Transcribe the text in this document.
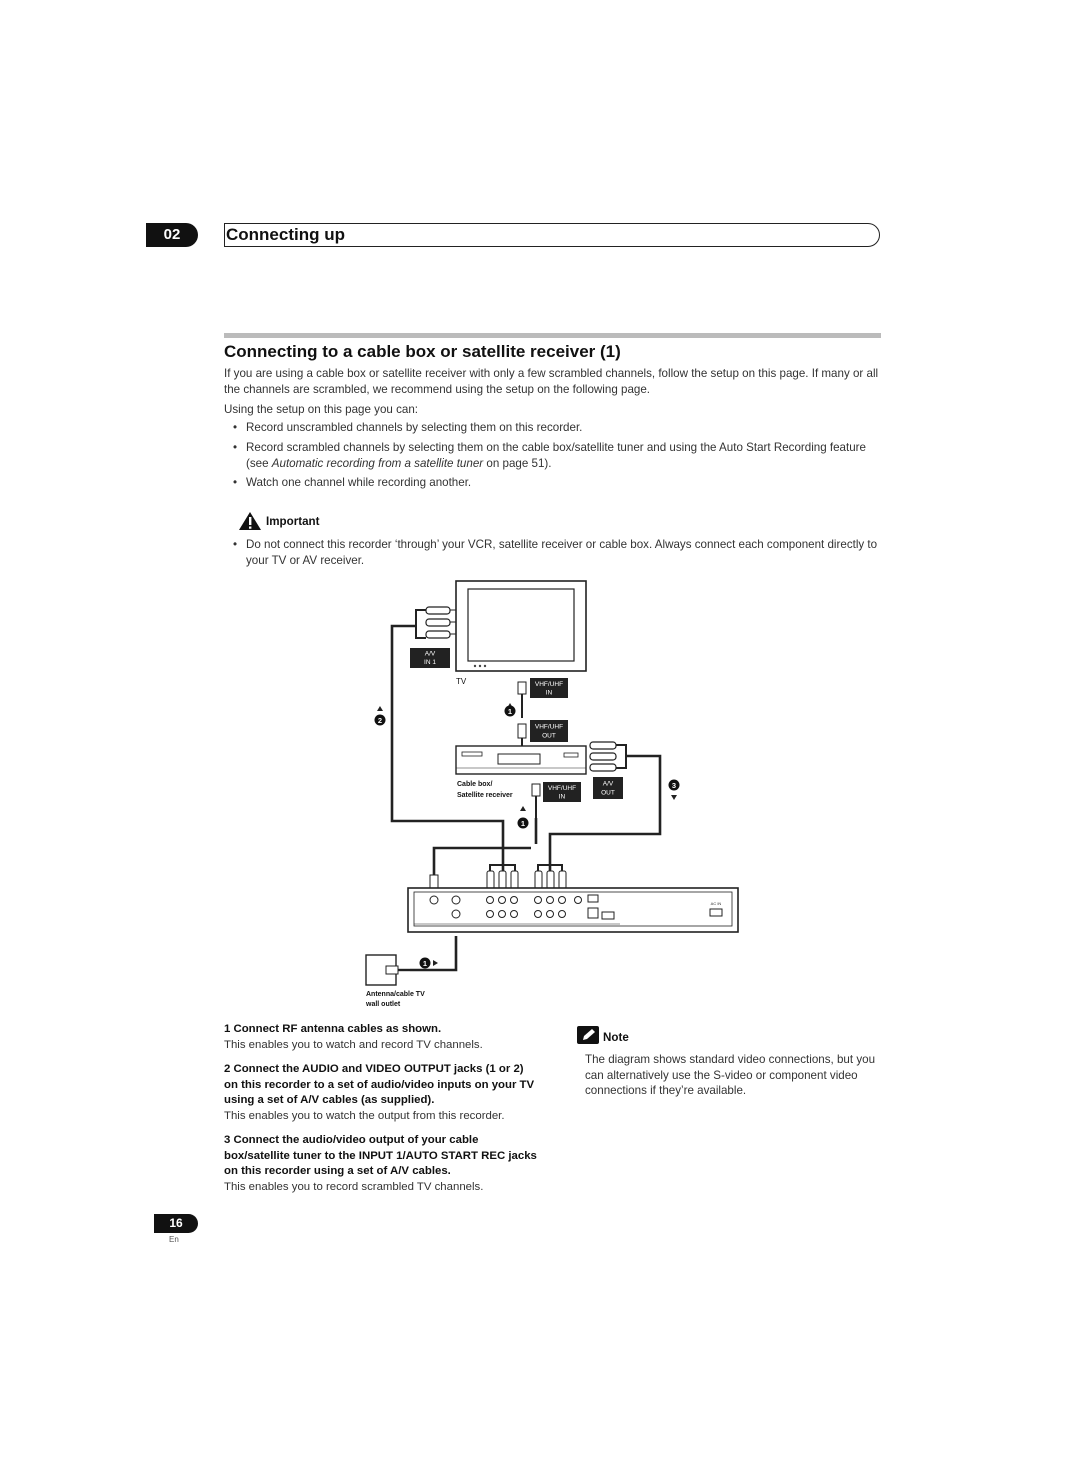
02	Connecting up
Connecting to a cable box or satellite receiver (1)

If you are using a cable box or satellite receiver with only a few scrambled channels, follow the setup on this page. If many or all the channels are scrambled, we recommend using the setup on the following page.

Using the setup on this page you can:

• Record unscrambled channels by selecting them on this recorder.
• Record scrambled channels by selecting them on the cable box/satellite tuner and using the Auto Start Recording feature (see Automatic recording from a satellite tuner on page 51).
• Watch one channel while recording another.
Important
• Do not connect this recorder ‘through’ your VCR, satellite receiver or cable box. Always connect each component directly to your TV or AV receiver.
TV
A/V
IN 1
VHF/UHF
IN
1
VHF/UHF
OUT
Cable box/
Satellite receiver
VHF/UHF
IN
1
A/V
OUT
2
3
AC IN
1
Antenna/cable TV
wall outlet

1 Connect RF antenna cables as shown.

This enables you to watch and record TV channels.

2 Connect the AUDIO and VIDEO OUTPUT jacks (1 or 2) on this recorder to a set of audio/video inputs on your TV using a set of A/V cables (as supplied).

This enables you to watch the output from this recorder.

3 Connect the audio/video output of your cable box/satellite tuner to the INPUT 1/AUTO START REC jacks on this recorder using a set of A/V cables.

This enables you to record scrambled TV channels.

Note

The diagram shows standard video connections, but you can alternatively use the S-video or component video connections if they’re available.

16
En
